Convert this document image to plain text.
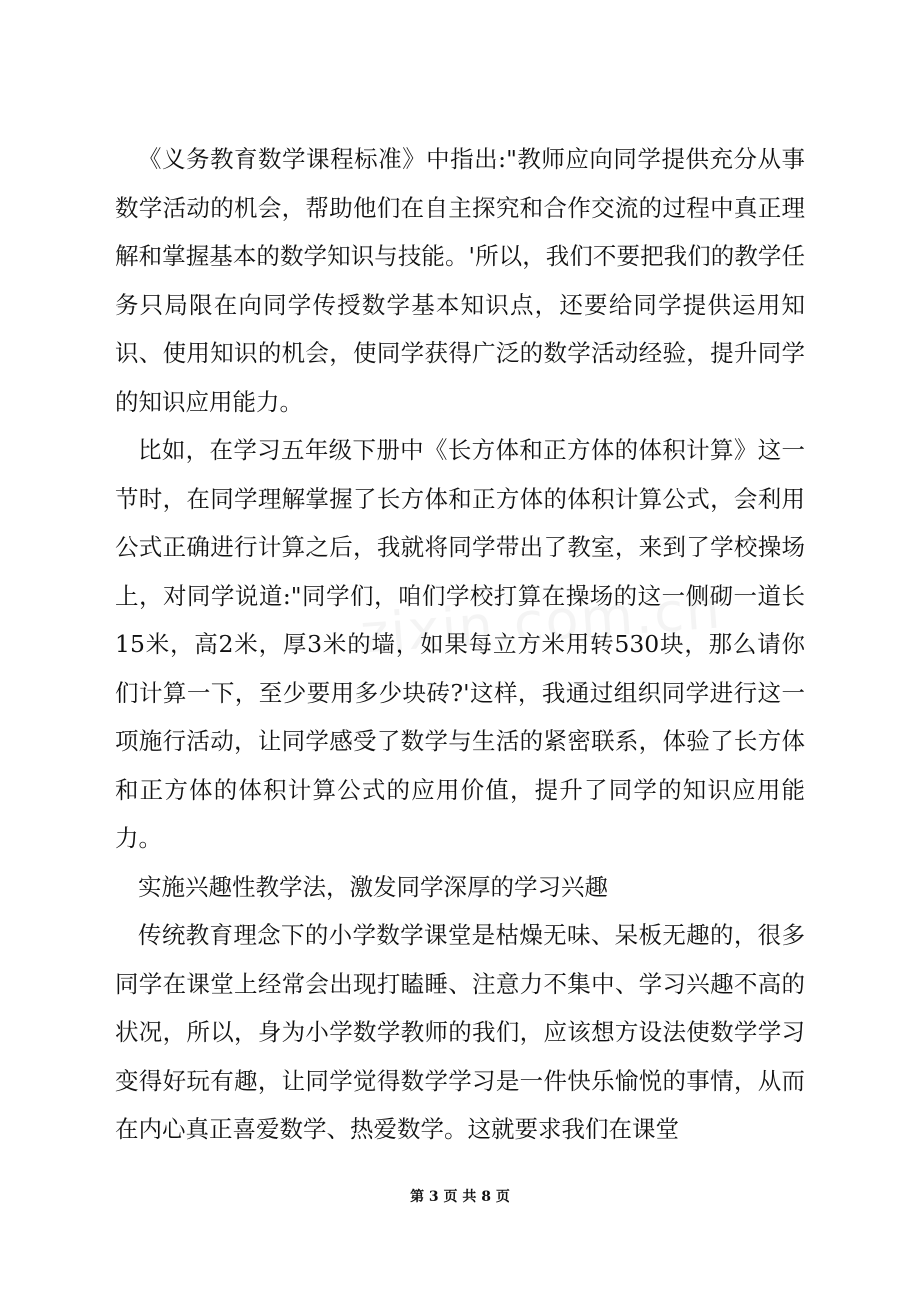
《义务教育数学课程标准》中指出:"教师应向同学提供充分从事数学活动的机会，帮助他们在自主探究和合作交流的过程中真正理解和掌握基本的数学知识与技能。'所以，我们不要把我们的教学任务只局限在向同学传授数学基本知识点，还要给同学提供运用知识、使用知识的机会，使同学获得广泛的数学活动经验，提升同学的知识应用能力。

比如，在学习五年级下册中《长方体和正方体的体积计算》这一节时，在同学理解掌握了长方体和正方体的体积计算公式，会利用公式正确进行计算之后，我就将同学带出了教室，来到了学校操场上，对同学说道:"同学们，咱们学校打算在操场的这一侧砌一道长15米，高2米，厚3米的墙，如果每立方米用转530块，那么请你们计算一下，至少要用多少块砖?'这样，我通过组织同学进行这一项施行活动，让同学感受了数学与生活的紧密联系，体验了长方体和正方体的体积计算公式的应用价值，提升了同学的知识应用能力。

实施兴趣性教学法，激发同学深厚的学习兴趣

传统教育理念下的小学数学课堂是枯燥无味、呆板无趣的，很多同学在课堂上经常会出现打瞌睡、注意力不集中、学习兴趣不高的状况，所以，身为小学数学教师的我们，应该想方设法使数学学习变得好玩有趣，让同学觉得数学学习是一件快乐愉悦的事情，从而在内心真正喜爱数学、热爱数学。这就要求我们在课堂

第 3 页 共 8 页
